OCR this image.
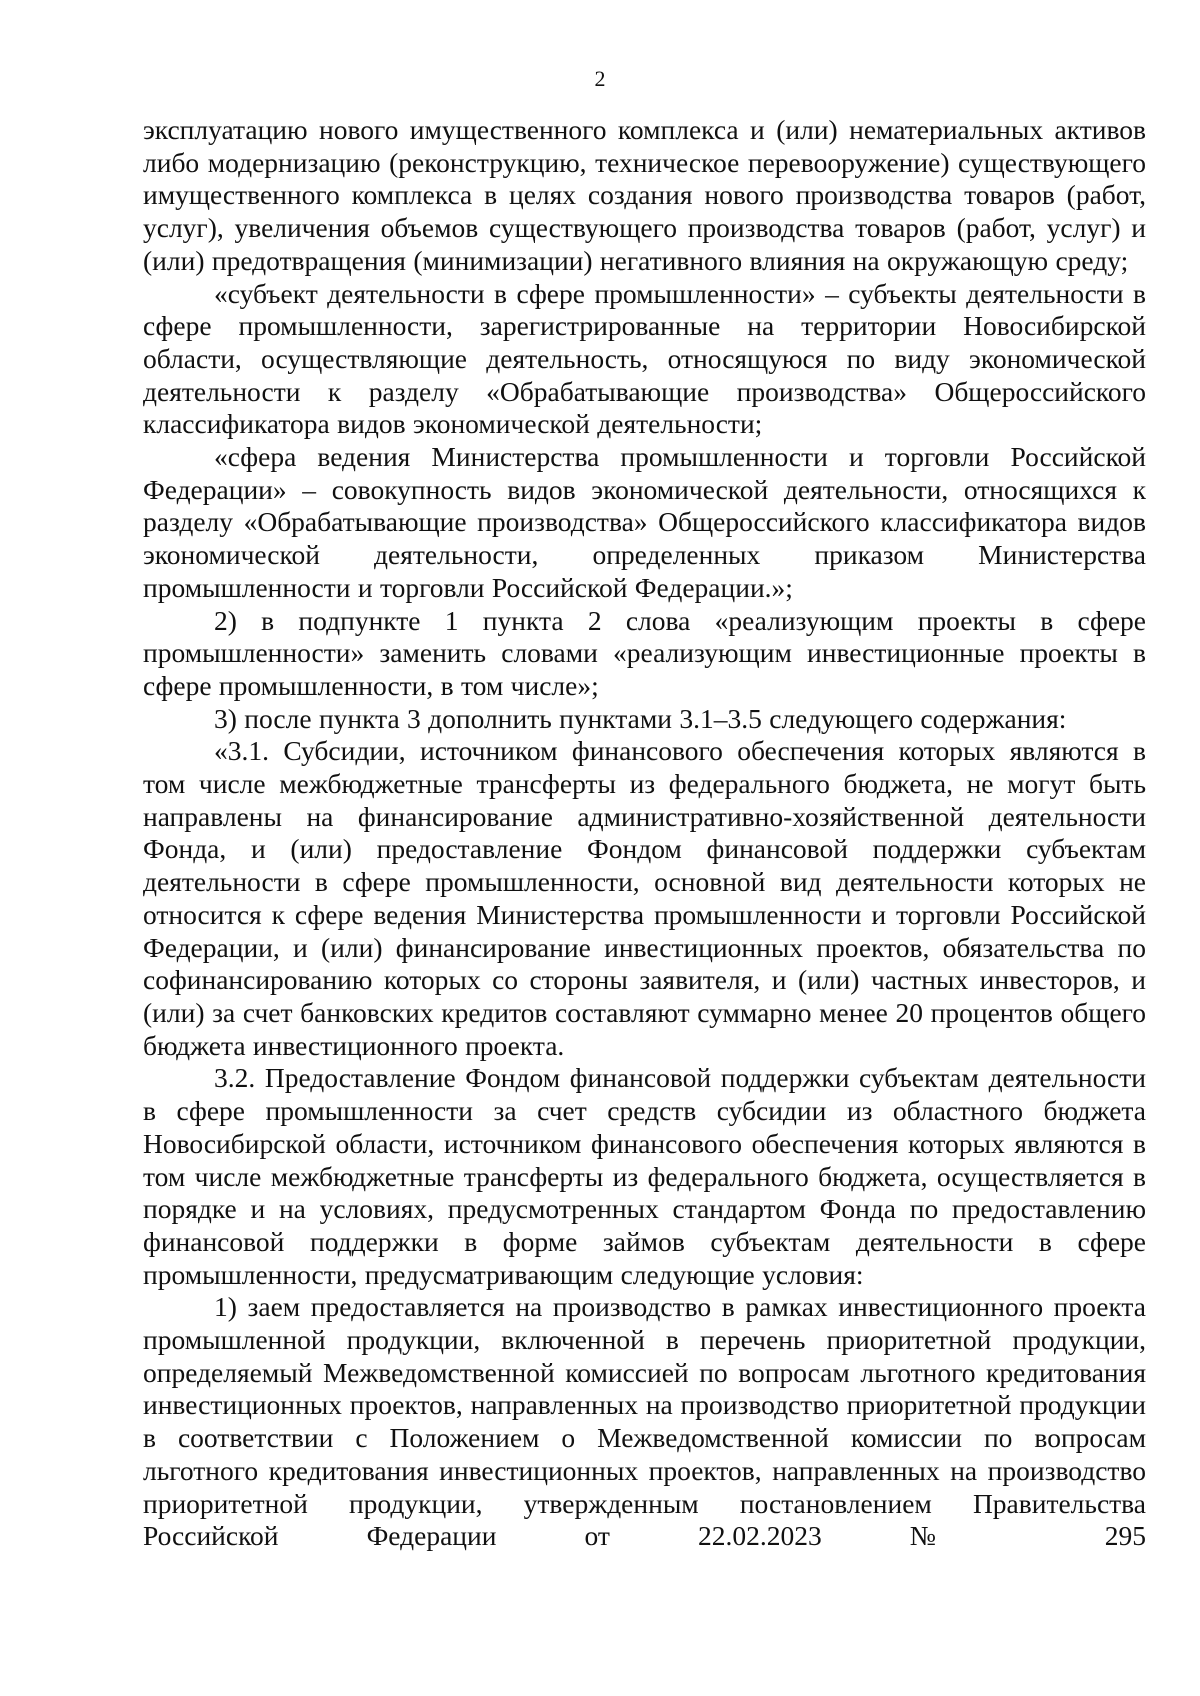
2

эксплуатацию нового имущественного комплекса и (или) нематериальных активов либо модернизацию (реконструкцию, техническое перевооружение) существующего имущественного комплекса в целях создания нового производства товаров (работ, услуг), увеличения объемов существующего производства товаров (работ, услуг) и (или) предотвращения (минимизации) негативного влияния на окружающую среду;

«субъект деятельности в сфере промышленности» – субъекты деятельности в сфере промышленности, зарегистрированные на территории Новосибирской области, осуществляющие деятельность, относящуюся по виду экономической деятельности к разделу «Обрабатывающие производства» Общероссийского классификатора видов экономической деятельности;

«сфера ведения Министерства промышленности и торговли Российской Федерации» – совокупность видов экономической деятельности, относящихся к разделу «Обрабатывающие производства» Общероссийского классификатора видов экономической деятельности, определенных приказом Министерства промышленности и торговли Российской Федерации.»;

2) в подпункте 1 пункта 2 слова «реализующим проекты в сфере промышленности» заменить словами «реализующим инвестиционные проекты в сфере промышленности, в том числе»;

3) после пункта 3 дополнить пунктами 3.1–3.5 следующего содержания:

«3.1. Субсидии, источником финансового обеспечения которых являются в том числе межбюджетные трансферты из федерального бюджета, не могут быть направлены на финансирование административно-хозяйственной деятельности Фонда, и (или) предоставление Фондом финансовой поддержки субъектам деятельности в сфере промышленности, основной вид деятельности которых не относится к сфере ведения Министерства промышленности и торговли Российской Федерации, и (или) финансирование инвестиционных проектов, обязательства по софинансированию которых со стороны заявителя, и (или) частных инвесторов, и (или) за счет банковских кредитов составляют суммарно менее 20 процентов общего бюджета инвестиционного проекта.

3.2. Предоставление Фондом финансовой поддержки субъектам деятельности в сфере промышленности за счет средств субсидии из областного бюджета Новосибирской области, источником финансового обеспечения которых являются в том числе межбюджетные трансферты из федерального бюджета, осуществляется в порядке и на условиях, предусмотренных стандартом Фонда по предоставлению финансовой поддержки в форме займов субъектам деятельности в сфере промышленности, предусматривающим следующие условия:

1) заем предоставляется на производство в рамках инвестиционного проекта промышленной продукции, включенной в перечень приоритетной продукции, определяемый Межведомственной комиссией по вопросам льготного кредитования инвестиционных проектов, направленных на производство приоритетной продукции в соответствии с Положением о Межведомственной комиссии по вопросам льготного кредитования инвестиционных проектов, направленных на производство приоритетной продукции, утвержденным постановлением Правительства Российской Федерации от 22.02.2023 № 295
